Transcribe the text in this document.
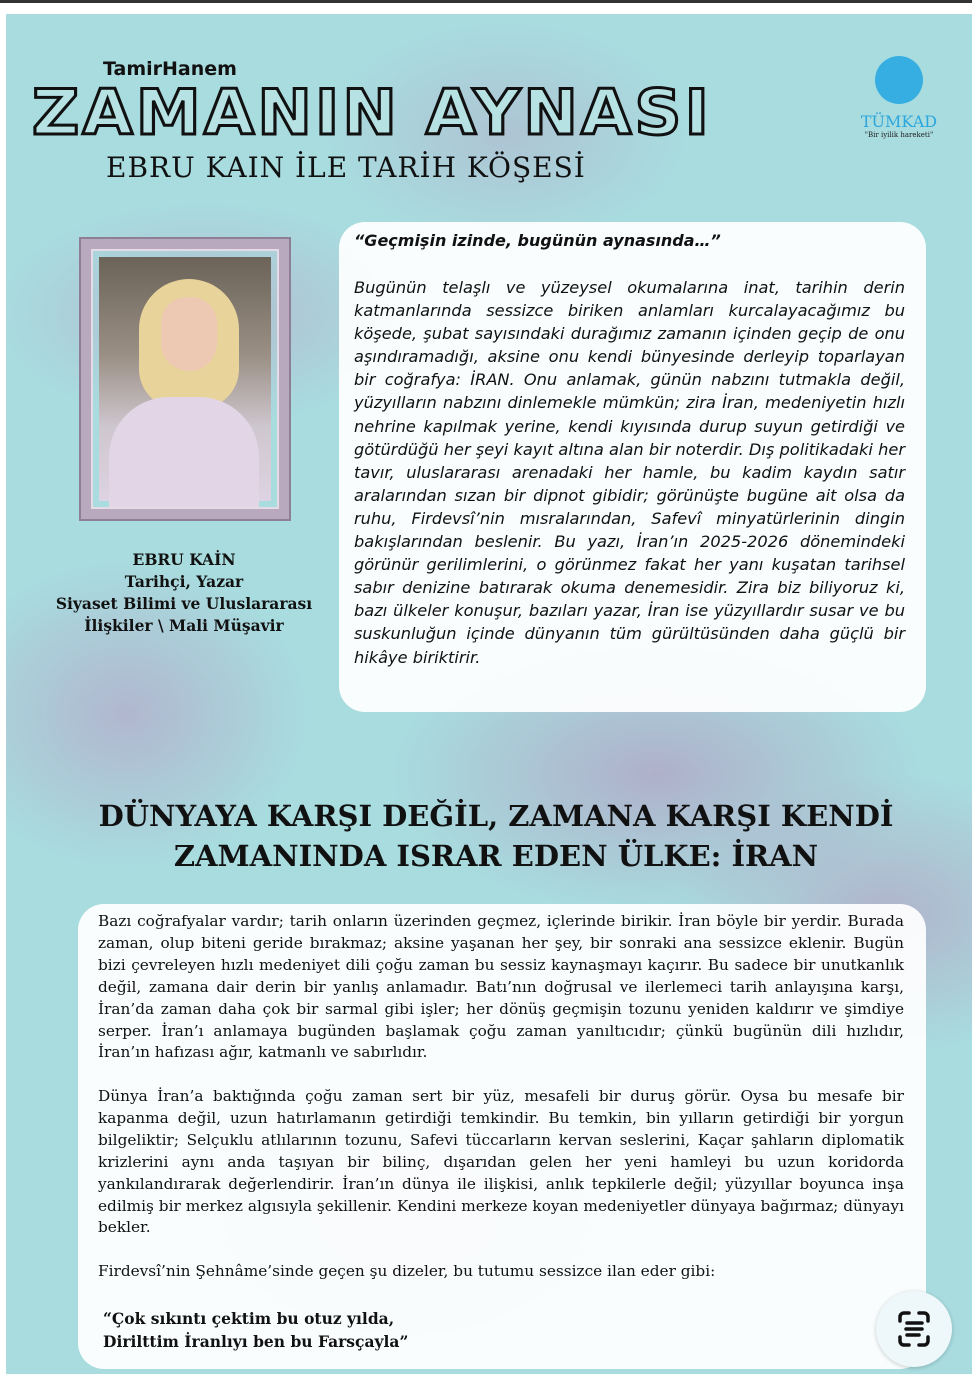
TamirHanem
ZAMANIN AYNASI
EBRU KAIN İLE TARİH KÖŞESİ
TÜMKAD
"Bir iyilik hareketi"
EBRU KAİN
Tarihçi, Yazar
Siyaset Bilimi ve Uluslararası
İlişkiler \ Mali Müşavir
“Geçmişin izinde, bugünün aynasında…”

Bugünün telaşlı ve yüzeysel okumalarına inat, tarihin derin katmanlarında sessizce biriken anlamları kurcalayacağımız bu köşede, şubat sayısındaki durağımız zamanın içinden geçip de onu aşındıramadığı, aksine onu kendi bünyesinde derleyip toparlayan bir coğrafya: İRAN. Onu anlamak, günün nabzını tutmakla değil, yüzyılların nabzını dinlemekle mümkün; zira İran, medeniyetin hızlı nehrine kapılmak yerine, kendi kıyısında durup suyun getirdiği ve götürdüğü her şeyi kayıt altına alan bir noterdir. Dış politikadaki her tavır, uluslararası arenadaki her hamle, bu kadim kaydın satır aralarından sızan bir dipnot gibidir; görünüşte bugüne ait olsa da ruhu, Firdevsî’nin mısralarından, Safevî minyatürlerinin dingin bakışlarından beslenir. Bu yazı, İran’ın 2025-2026 dönemindeki görünür gerilimlerini, o görünmez fakat her yanı kuşatan tarihsel sabır denizine batırarak okuma denemesidir. Zira biz biliyoruz ki, bazı ülkeler konuşur, bazıları yazar, İran ise yüzyıllardır susar ve bu suskunluğun içinde dünyanın tüm gürültüsünden daha güçlü bir hikâye biriktirir.

DÜNYAYA KARŞI DEĞİL, ZAMANA KARŞI KENDİ ZAMANINDA ISRAR EDEN ÜLKE: İRAN

Bazı coğrafyalar vardır; tarih onların üzerinden geçmez, içlerinde birikir. İran böyle bir yerdir. Burada zaman, olup biteni geride bırakmaz; aksine yaşanan her şey, bir sonraki ana sessizce eklenir. Bugün bizi çevreleyen hızlı medeniyet dili çoğu zaman bu sessiz kaynaşmayı kaçırır. Bu sadece bir unutkanlık değil, zamana dair derin bir yanlış anlamadır. Batı’nın doğrusal ve ilerlemeci tarih anlayışına karşı, İran’da zaman daha çok bir sarmal gibi işler; her dönüş geçmişin tozunu yeniden kaldırır ve şimdiye serper. İran’ı anlamaya bugünden başlamak çoğu zaman yanıltıcıdır; çünkü bugünün dili hızlıdır, İran’ın hafızası ağır, katmanlı ve sabırlıdır.

Dünya İran’a baktığında çoğu zaman sert bir yüz, mesafeli bir duruş görür. Oysa bu mesafe bir kapanma değil, uzun hatırlamanın getirdiği temkindir. Bu temkin, bin yılların getirdiği bir yorgun bilgeliktir; Selçuklu atlılarının tozunu, Safevi tüccarların kervan seslerini, Kaçar şahların diplomatik krizlerini aynı anda taşıyan bir bilinç, dışarıdan gelen her yeni hamleyi bu uzun koridorda yankılandırarak değerlendirir. İran’ın dünya ile ilişkisi, anlık tepkilerle değil; yüzyıllar boyunca inşa edilmiş bir merkez algısıyla şekillenir. Kendini merkeze koyan medeniyetler dünyaya bağırmaz; dünyayı bekler.

Firdevsî’nin Şehnâme’sinde geçen şu dizeler, bu tutumu sessizce ilan eder gibi:

“Çok sıkıntı çektim bu otuz yılda,
Dirilttim İranlıyı ben bu Farsçayla”
